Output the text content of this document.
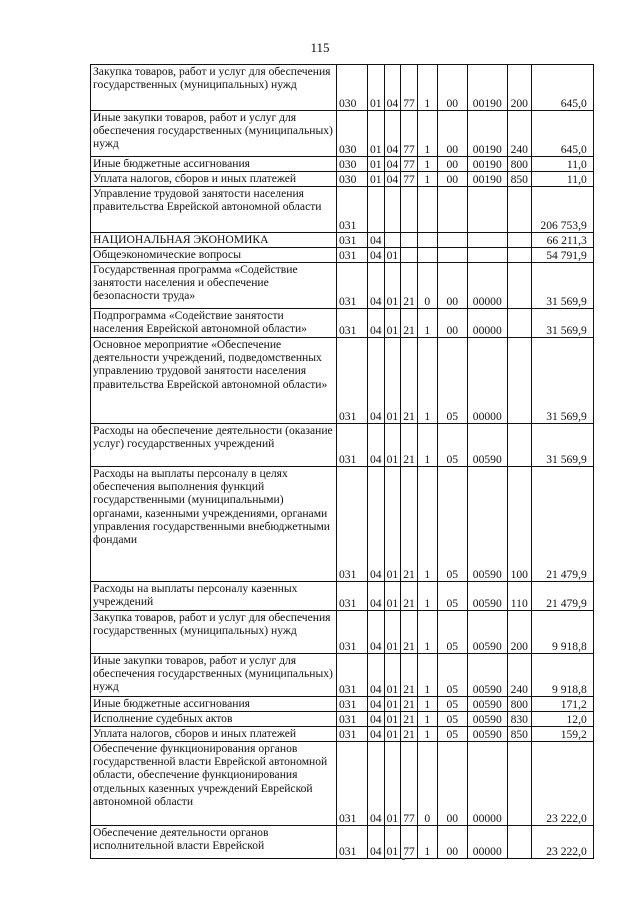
115
Закупка товаров, работ и услуг для обеспечения государственных (муниципальных) нужд	030	01	04	77	1	00	00190	200	645,0
Иные закупки товаров, работ и услуг для обеспечения государственных (муниципальных) нужд	030	01	04	77	1	00	00190	240	645,0
Иные бюджетные ассигнования	030	01	04	77	1	00	00190	800	11,0
Уплата налогов, сборов и иных платежей	030	01	04	77	1	00	00190	850	11,0
Управление трудовой занятости населения правительства Еврейской автономной области	031								206 753,9
НАЦИОНАЛЬНАЯ ЭКОНОМИКА	031	04							66 211,3
Общеэкономические вопросы	031	04	01						54 791,9
Государственная программа «Содействие занятости населения и обеспечение безопасности труда»	031	04	01	21	0	00	00000		31 569,9
Подпрограмма «Содействие занятости населения Еврейской автономной области»	031	04	01	21	1	00	00000		31 569,9
Основное мероприятие «Обеспечение деятельности учреждений, подведомственных управлению трудовой занятости населения правительства Еврейской автономной области»	031	04	01	21	1	05	00000		31 569,9
Расходы на обеспечение деятельности (оказание услуг) государственных учреждений	031	04	01	21	1	05	00590		31 569,9
Расходы на выплаты персоналу в целях обеспечения выполнения функций государственными (муниципальными) органами, казенными учреждениями, органами управления государственными внебюджетными фондами	031	04	01	21	1	05	00590	100	21 479,9
Расходы на выплаты персоналу казенных учреждений	031	04	01	21	1	05	00590	110	21 479,9
Закупка товаров, работ и услуг для обеспечения государственных (муниципальных) нужд	031	04	01	21	1	05	00590	200	9 918,8
Иные закупки товаров, работ и услуг для обеспечения государственных (муниципальных) нужд	031	04	01	21	1	05	00590	240	9 918,8
Иные бюджетные ассигнования	031	04	01	21	1	05	00590	800	171,2
Исполнение судебных актов	031	04	01	21	1	05	00590	830	12,0
Уплата налогов, сборов и иных платежей	031	04	01	21	1	05	00590	850	159,2
Обеспечение функционирования органов государственной власти Еврейской автономной области, обеспечение функционирования отдельных казенных учреждений Еврейской автономной области	031	04	01	77	0	00	00000		23 222,0
Обеспечение деятельности органов исполнительной власти Еврейской	031	04	01	77	1	00	00000		23 222,0
